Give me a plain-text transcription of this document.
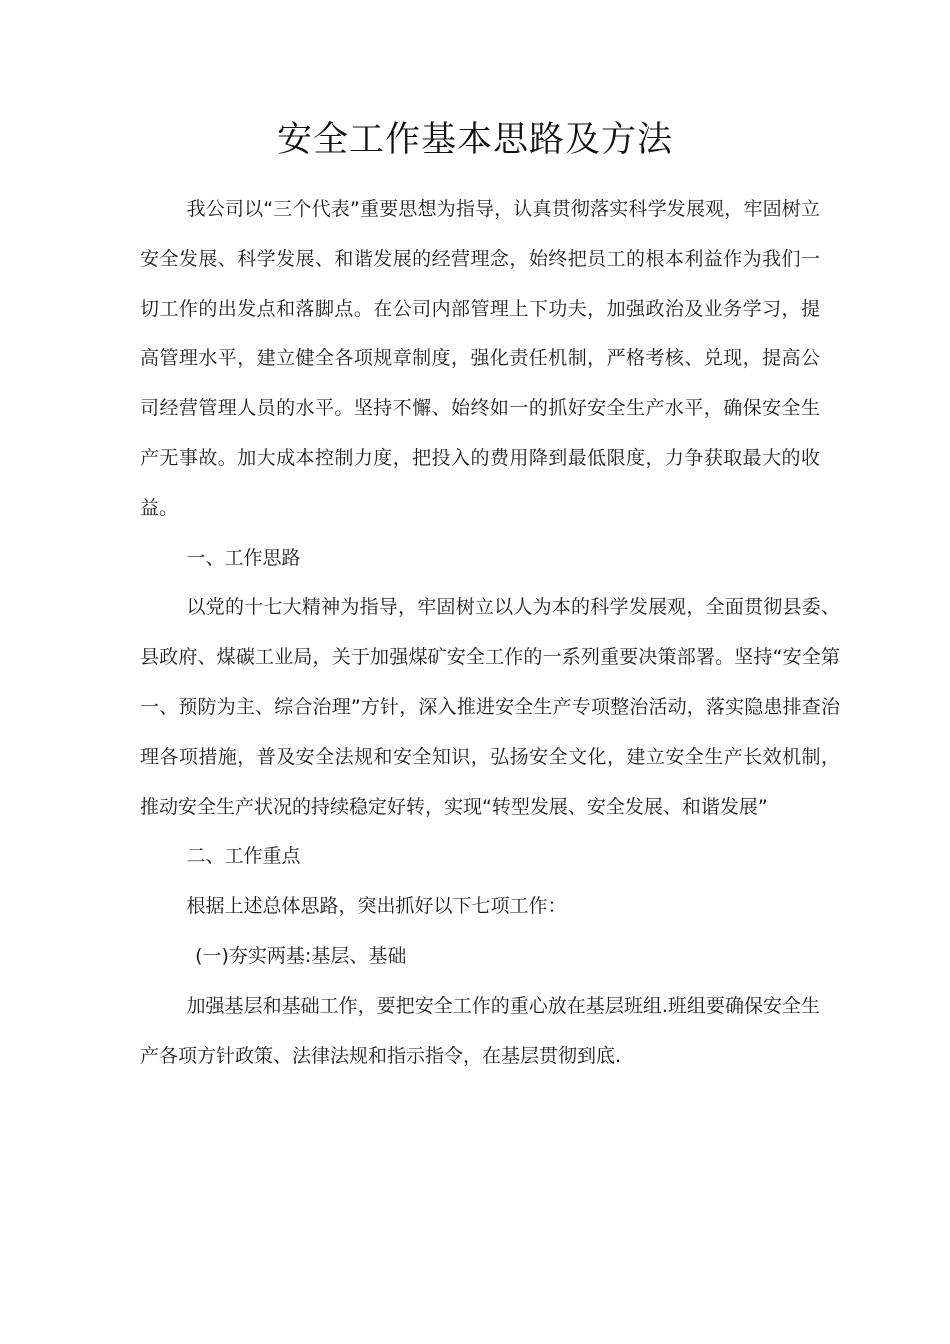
安全工作基本思路及方法

我公司以“三个代表”重要思想为指导，认真贯彻落实科学发展观，牢固树立安全发展、科学发展、和谐发展的经营理念，始终把员工的根本利益作为我们一切工作的出发点和落脚点。在公司内部管理上下功夫，加强政治及业务学习，提高管理水平，建立健全各项规章制度，强化责任机制，严格考核、兑现，提高公司经营管理人员的水平。坚持不懈、始终如一的抓好安全生产水平，确保安全生产无事故。加大成本控制力度，把投入的费用降到最低限度，力争获取最大的收益。

一、工作思路

以党的十七大精神为指导，牢固树立以人为本的科学发展观，全面贯彻县委、县政府、煤碳工业局，关于加强煤矿安全工作的一系列重要决策部署。坚持“安全第一、预防为主、综合治理”方针，深入推进安全生产专项整治活动，落实隐患排查治理各项措施，普及安全法规和安全知识，弘扬安全文化，建立安全生产长效机制，推动安全生产状况的持续稳定好转，实现“转型发展、安全发展、和谐发展”

二、工作重点

根据上述总体思路，突出抓好以下七项工作：

(一)夯实两基:基层、基础

加强基层和基础工作，要把安全工作的重心放在基层班组.班组要确保安全生产各项方针政策、法律法规和指示指令，在基层贯彻到底.
